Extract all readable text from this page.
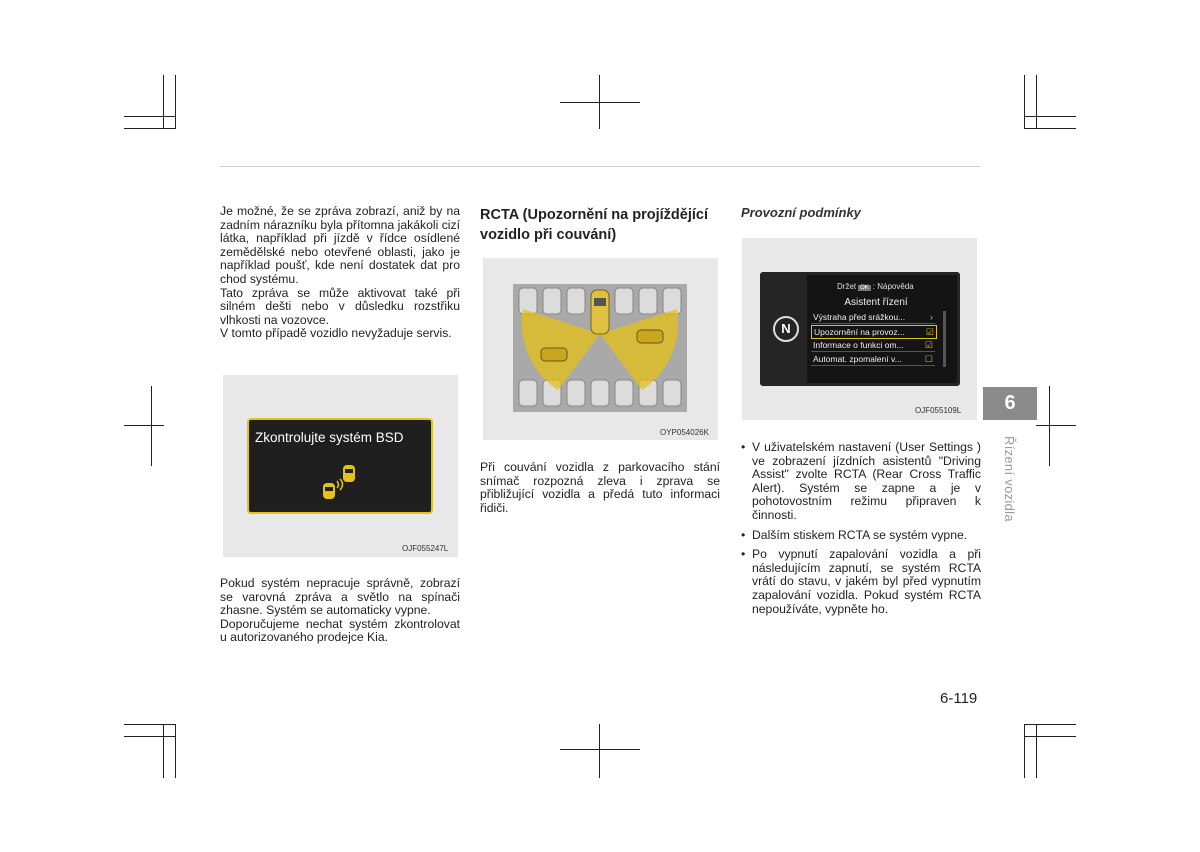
Je možné, že se zpráva zobrazí, aniž by na zadním nárazníku byla přítomna jakákoli cizí látka, například při jízdě v řídce osídlené zemědělské nebo otevřené oblasti, jako je například poušť, kde není dostatek dat pro chod systému.

Tato zpráva se může aktivovat také při silném dešti nebo v důsledku rozstřiku vlhkosti na vozovce.

V tomto případě vozidlo nevyžaduje servis.

Zkontrolujte systém BSD
OJF055247L

Pokud systém nepracuje správně, zobrazí se varovná zpráva a světlo na spínači zhasne. Systém se automaticky vypne.

Doporučujeme nechat systém zkontrolovat u autorizovaného prodejce Kia.

RCTA (Upozornění na projíždějící vozidlo při couvání)
OYP054026K

Při couvání vozidla z parkovacího stání snímač rozpozná zleva i zprava se přibližující vozidla a předá tuto informaci řidiči.

Provozní podmínky
N
Držet OK : Nápověda
Asistent řízení
Výstraha před srážkou...	›
Upozornění na provoz... ☑
Informace o funkci om... ☑
Automat. zpomalení v...	☐
OJF055109L
• V uživatelském nastavení (User Settings ) ve zobrazení jízdních asistentů "Driving Assist" zvolte RCTA (Rear Cross Traffic Alert). Systém se zapne a je v pohotovostním režimu připraven k činnosti.
• Dalším stiskem RCTA se systém vypne.
• Po vypnutí zapalování vozidla a při následujícím zapnutí, se systém RCTA vrátí do stavu, v jakém byl před vypnutím zapalování vozidla. Pokud systém RCTA nepoužíváte, vypněte ho.
6
Řízení vozidla
6-119
